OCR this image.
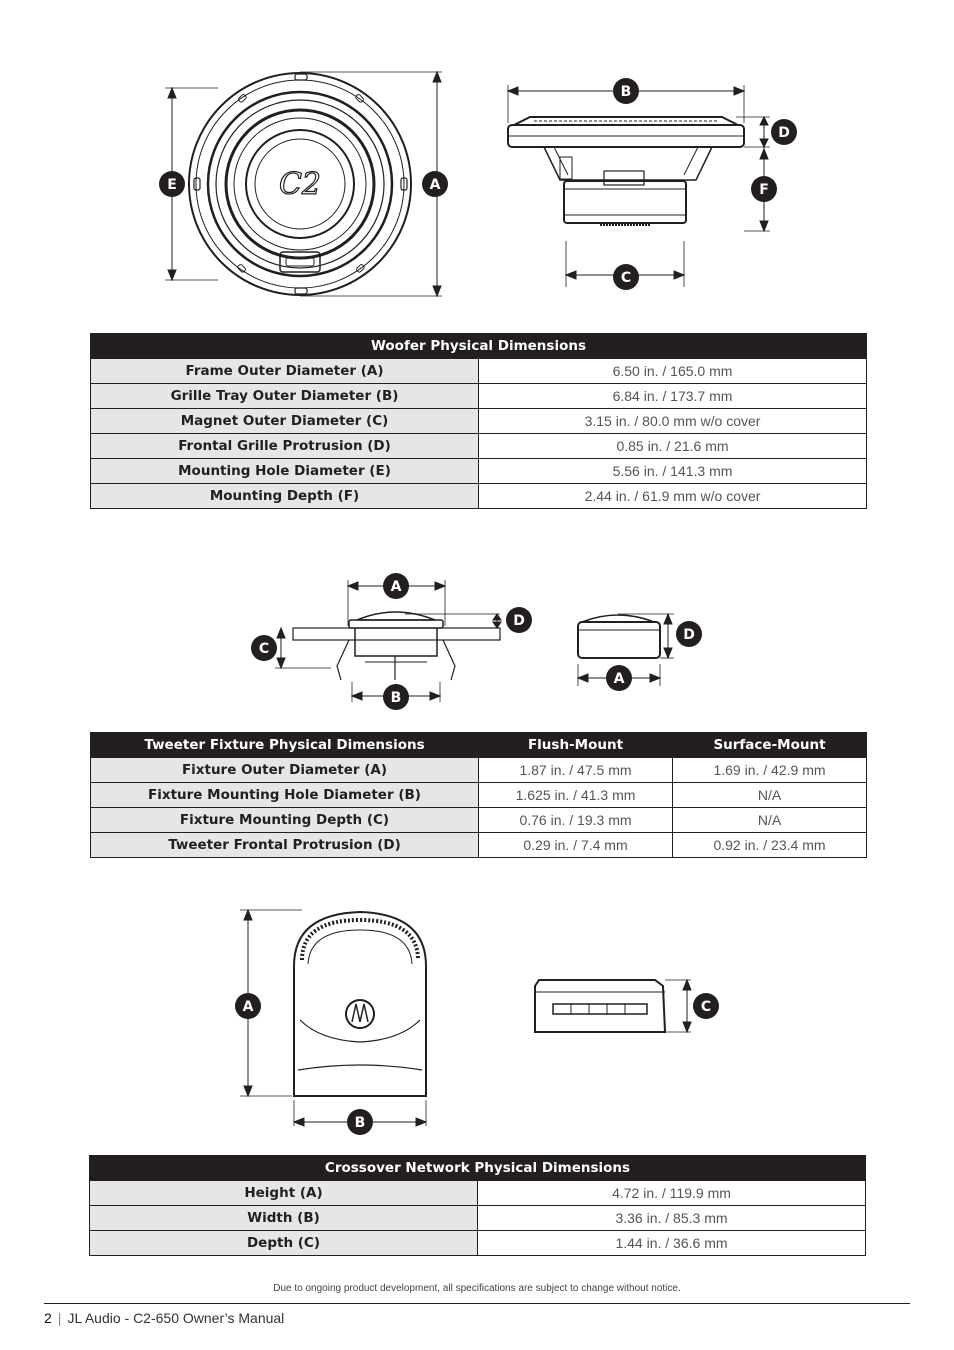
C2
E	A
B
D
F
C
Woofer Physical Dimensions	
Frame Outer Diameter (A)	6.50 in. / 165.0 mm
Grille Tray Outer Diameter (B)	6.84 in. / 173.7 mm
Magnet Outer Diameter (C)	3.15 in. / 80.0 mm w/o cover
Frontal Grille Protrusion (D)	0.85 in. / 21.6 mm
Mounting Hole Diameter (E)	5.56 in. / 141.3 mm
Mounting Depth (F)	2.44 in. / 61.9 mm w/o cover
A
D
C
B
D
A
Tweeter Fixture Physical Dimensions	Flush-Mount	Surface-Mount
Fixture Outer Diameter (A)	1.87 in. / 47.5 mm	1.69 in. / 42.9 mm
Fixture Mounting Hole Diameter (B)	1.625 in. / 41.3 mm	N/A
Fixture Mounting Depth (C)	0.76 in. / 19.3 mm	N/A
Tweeter Frontal Protrusion (D)	0.29 in. / 7.4 mm	0.92 in. / 23.4 mm
A
B
C
Crossover Network Physical Dimensions	
Height (A)	4.72 in. / 119.9 mm
Width (B)	3.36 in. / 85.3 mm
Depth (C)	1.44 in. / 36.6 mm
Due to ongoing product development, all specifications are subject to change without notice.
2 | JL Audio - C2-650 Owner’s Manual
